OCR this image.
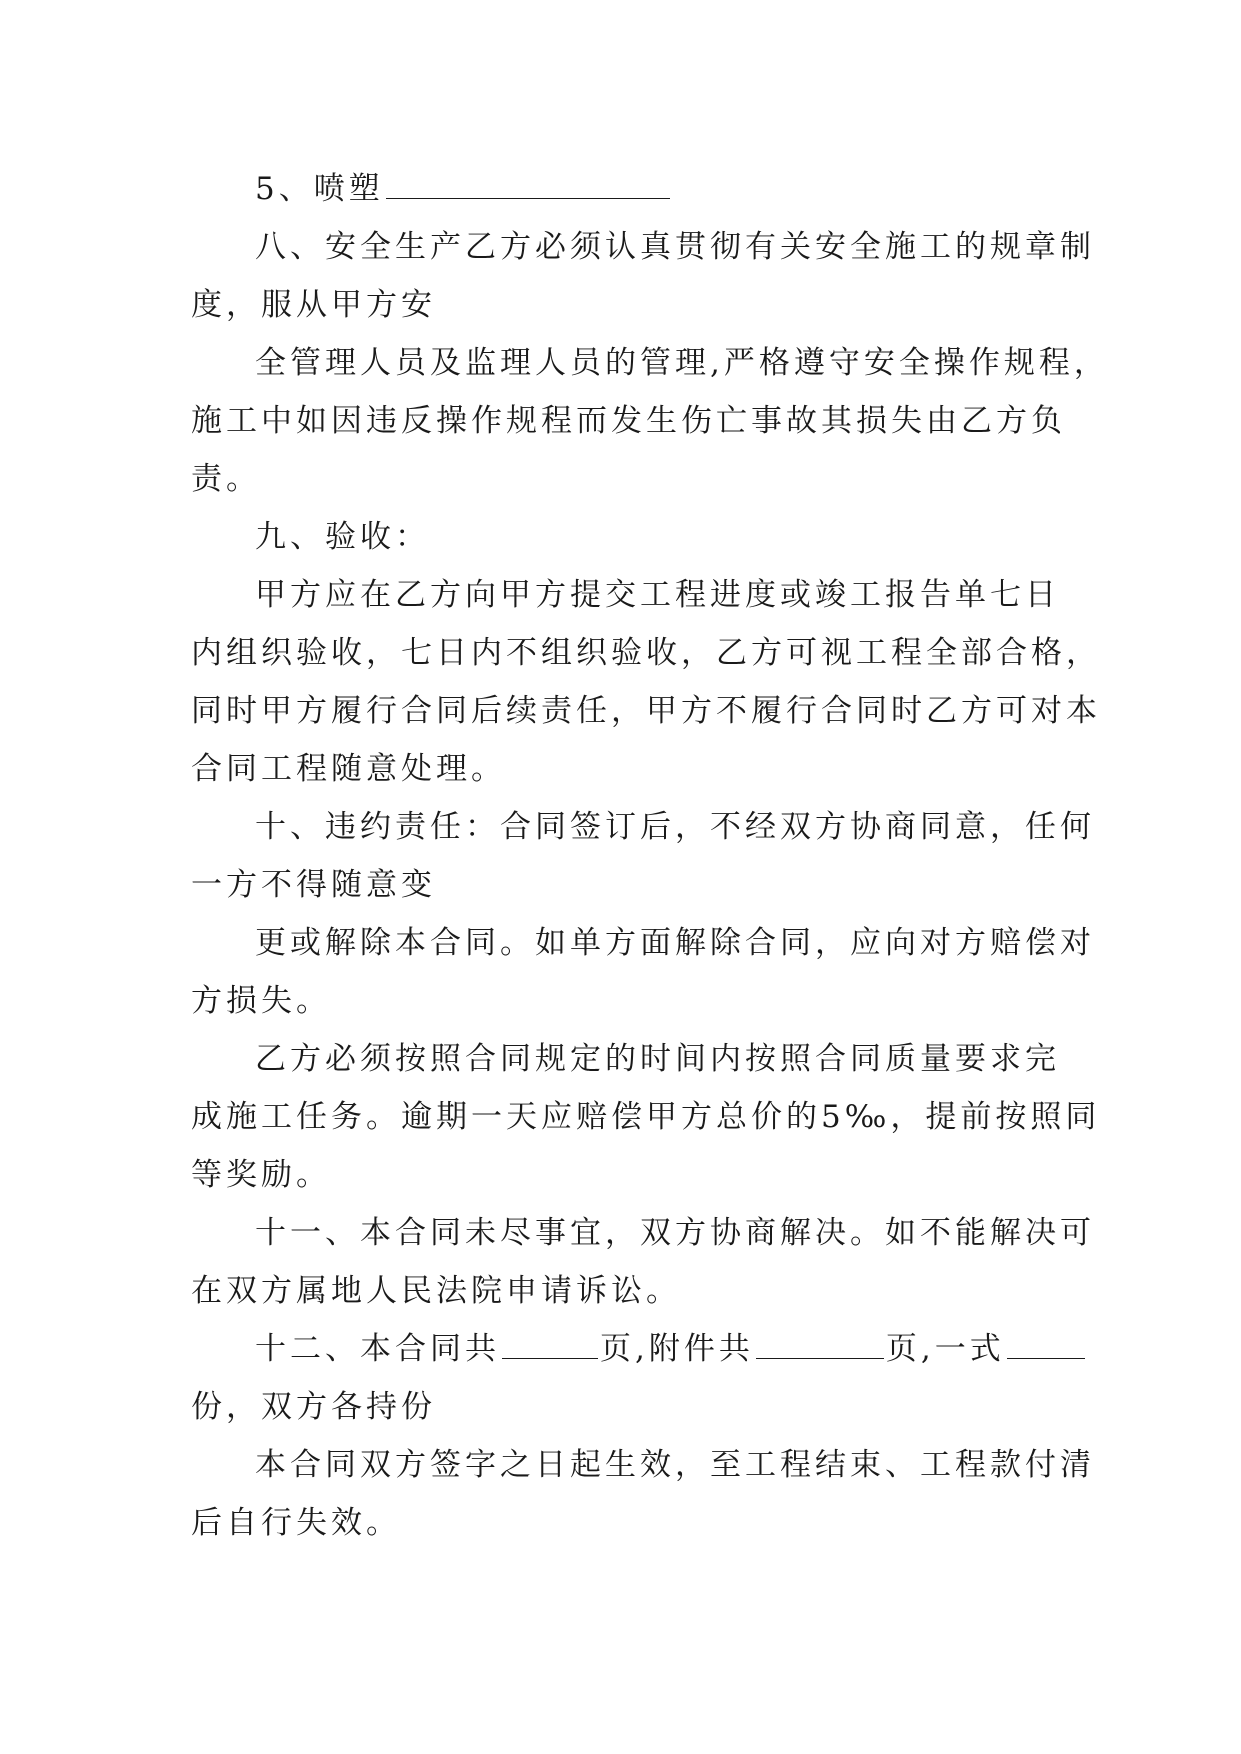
5、喷塑
八、安全生产乙方必须认真贯彻有关安全施工的规章制
度，服从甲方安
全管理人员及监理人员的管理,严格遵守安全操作规程，
施工中如因违反操作规程而发生伤亡事故其损失由乙方负
责。
九、验收：
甲方应在乙方向甲方提交工程进度或竣工报告单七日
内组织验收，七日内不组织验收，乙方可视工程全部合格，
同时甲方履行合同后续责任，甲方不履行合同时乙方可对本
合同工程随意处理。
十、违约责任：合同签订后，不经双方协商同意，任何
一方不得随意变
更或解除本合同。如单方面解除合同，应向对方赔偿对
方损失。
乙方必须按照合同规定的时间内按照合同质量要求完
成施工任务。逾期一天应赔偿甲方总价的5‰，提前按照同
等奖励。
十一、本合同未尽事宜，双方协商解决。如不能解决可
在双方属地人民法院申请诉讼。
十二、本合同共	页,附件共	页,一式
份，双方各持份
本合同双方签字之日起生效，至工程结束、工程款付清
后自行失效。
